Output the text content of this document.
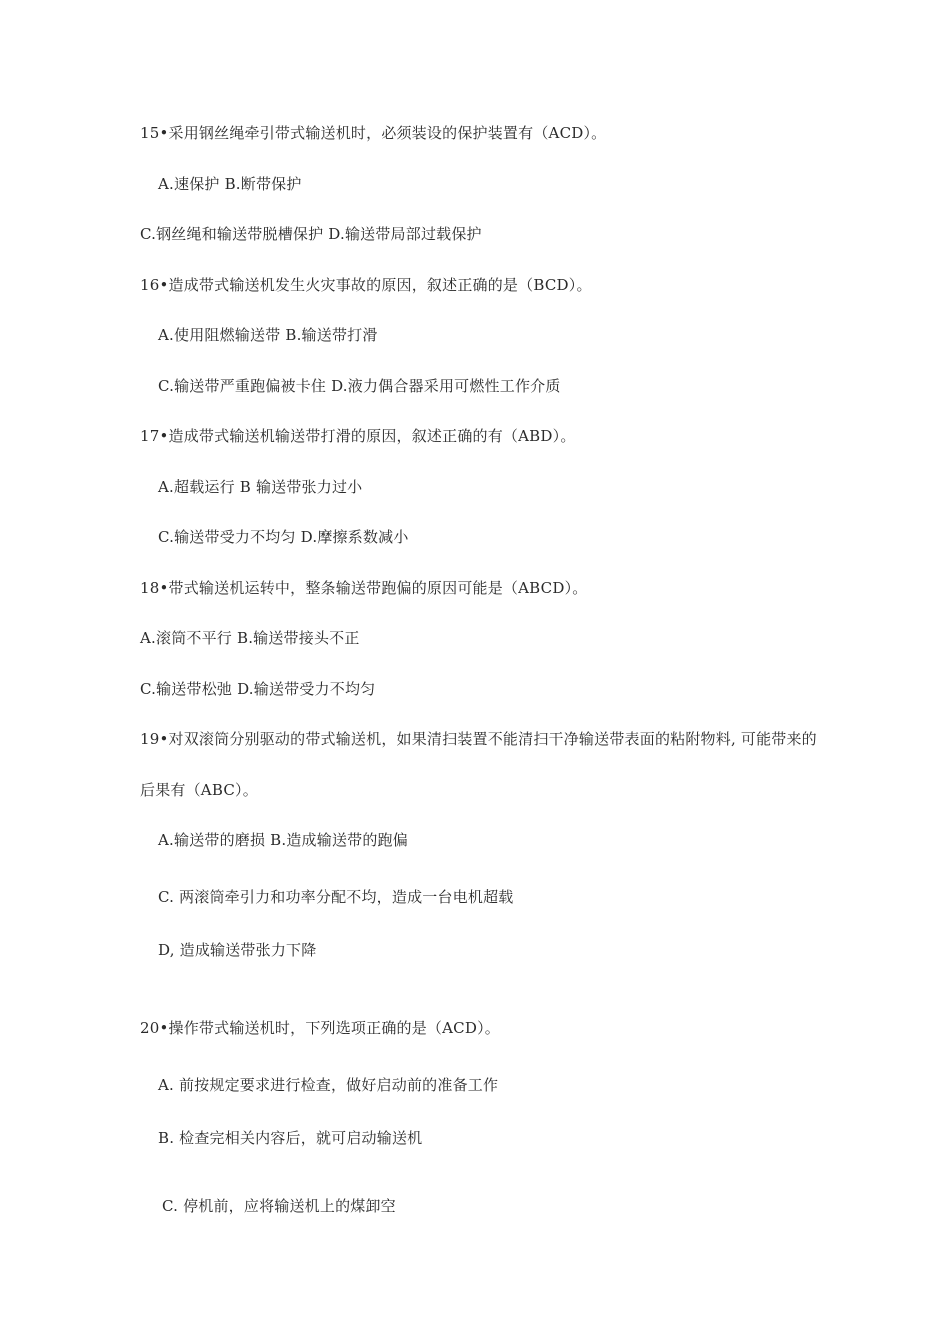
15•采用钢丝绳牵引带式输送机时，必须装设的保护装置有（ACD）。
A.速保护 B.断带保护
C.钢丝绳和输送带脱槽保护 D.输送带局部过载保护
16•造成带式输送机发生火灾事故的原因，叙述正确的是（BCD）。
A.使用阻燃输送带 B.输送带打滑
C.输送带严重跑偏被卡住 D.液力偶合器采用可燃性工作介质
17•造成带式输送机输送带打滑的原因，叙述正确的有（ABD）。
A.超载运行 B 输送带张力过小
C.输送带受力不均匀 D.摩擦系数减小
18•带式输送机运转中，整条输送带跑偏的原因可能是（ABCD）。
A.滚筒不平行 B.输送带接头不正
C.输送带松弛 D.输送带受力不均匀
19•对双滚筒分别驱动的带式输送机，如果清扫装置不能清扫干净输送带表面的粘附物料, 可能带来的
后果有（ABC）。
A.输送带的磨损 B.造成输送带的跑偏
C. 两滚筒牵引力和功率分配不均，造成一台电机超载
D, 造成输送带张力下降
20•操作带式输送机时，下列选项正确的是（ACD）。
A. 前按规定要求进行检查，做好启动前的准备工作
B. 检查完相关内容后，就可启动输送机
C. 停机前，应将输送机上的煤卸空
